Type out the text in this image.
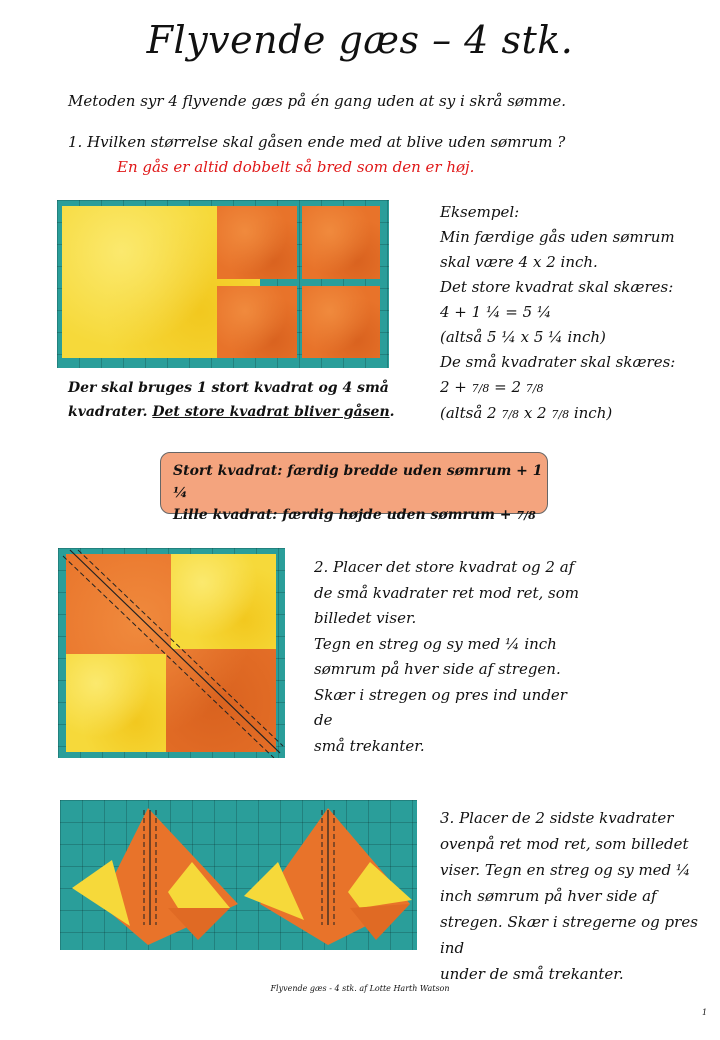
Flyvende gæs – 4 stk.
Metoden syr 4 flyvende gæs på én gang uden at sy i skrå sømme.
1. Hvilken størrelse skal gåsen ende med at blive uden sømrum ?
En gås er altid dobbelt så bred som den er høj.
Eksempel:
Min færdige gås uden sømrum
skal være 4 x 2 inch.
Det store kvadrat skal skæres:
4 + 1 ¼ = 5 ¼
(altså 5 ¼ x 5 ¼ inch)
De små kvadrater skal skæres:
2 + 7/8 = 2 7/8
(altså 2 7/8 x 2 7/8 inch)
Der skal bruges 1 stort kvadrat og 4 små kvadrater. Det store kvadrat bliver gåsen.
Stort kvadrat: færdig bredde uden sømrum + 1 ¼
Lille kvadrat: færdig højde uden sømrum + 7/8
2. Placer det store kvadrat og 2 af
de små kvadrater ret mod ret, som
billedet viser.
Tegn en streg og sy med ¼ inch
sømrum på hver side af stregen.
Skær i stregen og pres ind under de
små trekanter.
3. Placer de 2 sidste kvadrater
ovenpå ret mod ret, som billedet
viser. Tegn en streg og sy med ¼
inch sømrum på hver side af
stregen. Skær i stregerne og pres ind
under de små trekanter.
Flyvende gæs - 4 stk. af Lotte Harth Watson
1
